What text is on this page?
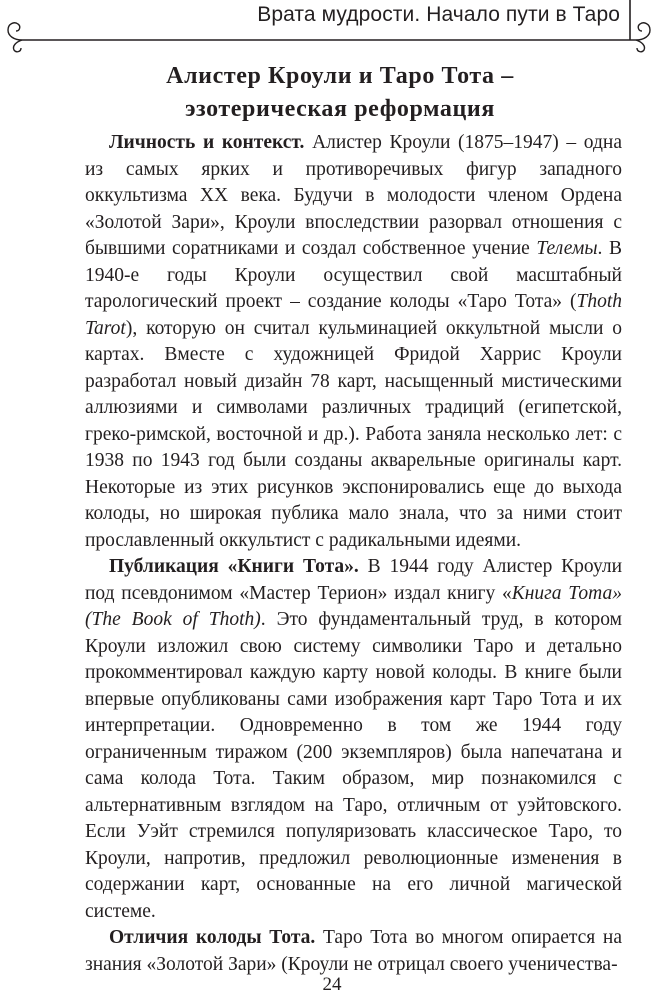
Врата мудрости. Начало пути в Таро
Алистер Кроули и Таро Тота –
эзотерическая реформация

Личность и контекст. Алистер Кроули (1875–1947) – одна из самых ярких и противоречивых фигур западного оккультизма XX века. Будучи в молодости членом Ордена «Золотой Зари», Кроули впоследствии разорвал отношения с бывшими соратниками и создал собственное учение Телемы. В 1940-е годы Кроули осуществил свой масштабный тарологический проект – создание колоды «Таро Тота» (Thoth Tarot), которую он считал кульминацией оккультной мысли о картах. Вместе с художницей Фридой Харрис Кроули разработал новый дизайн 78 карт, насыщенный мистическими аллюзиями и символами различных традиций (египетской, греко-римской, восточной и др.). Работа заняла несколько лет: с 1938 по 1943 год были созданы акварельные оригиналы карт. Некоторые из этих рисунков экспонировались еще до выхода колоды, но широкая публика мало знала, что за ними стоит прославленный оккультист с радикальными идеями.

Публикация «Книги Тота». В 1944 году Алистер Кроули под псевдонимом «Мастер Терион» издал книгу «Книга Тота» (The Book of Thoth). Это фундаментальный труд, в котором Кроули изложил свою систему символики Таро и детально прокомментировал каждую карту новой колоды. В книге были впервые опубликованы сами изображения карт Таро Тота и их интерпретации. Одновременно в том же 1944 году ограниченным тиражом (200 экземпляров) была напечатана и сама колода Тота. Таким образом, мир познакомился с альтернативным взглядом на Таро, отличным от уэйтовского. Если Уэйт стремился популяризовать классическое Таро, то Кроули, напротив, предложил революционные изменения в содержании карт, основанные на его личной магической системе.

Отличия колоды Тота. Таро Тота во многом опирается на знания «Золотой Зари» (Кроули не отрицал своего ученичества-

24
